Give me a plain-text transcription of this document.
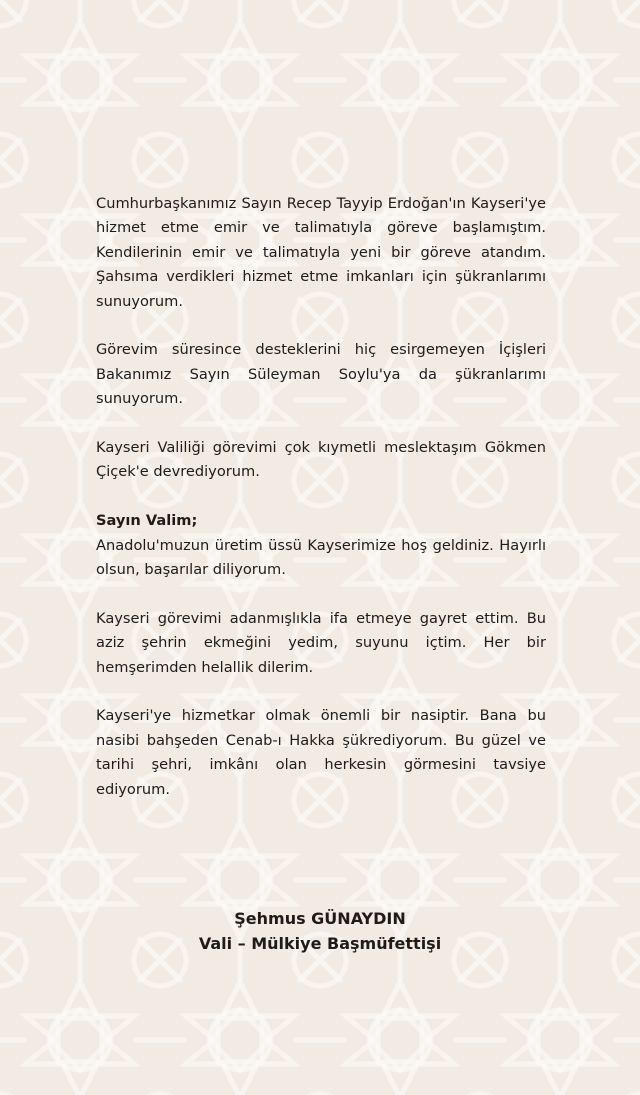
Cumhurbaşkanımız Sayın Recep Tayyip Erdoğan'ın Kayseri'ye hizmet etme emir ve talimatıyla göreve başlamıştım. Kendilerinin emir ve talimatıyla yeni bir göreve atandım. Şahsıma verdikleri hizmet etme imkanları için şükranlarımı sunuyorum.

Görevim süresince desteklerini hiç esirgemeyen İçişleri Bakanımız Sayın Süleyman Soylu'ya da şükranlarımı sunuyorum.

Kayseri Valiliği görevimi çok kıymetli meslektaşım Gökmen Çiçek'e devrediyorum.

Sayın Valim;

Anadolu'muzun üretim üssü Kayserimize hoş geldiniz. Hayırlı olsun, başarılar diliyorum.

Kayseri görevimi adanmışlıkla ifa etmeye gayret ettim. Bu aziz şehrin ekmeğini yedim, suyunu içtim. Her bir hemşerimden helallik dilerim.

Kayseri'ye hizmetkar olmak önemli bir nasiptir. Bana bu nasibi bahşeden Cenab-ı Hakka şükrediyorum. Bu güzel ve tarihi şehri, imkânı olan herkesin görmesini tavsiye ediyorum.

Şehmus GÜNAYDIN
Vali – Mülkiye Başmüfettişi
